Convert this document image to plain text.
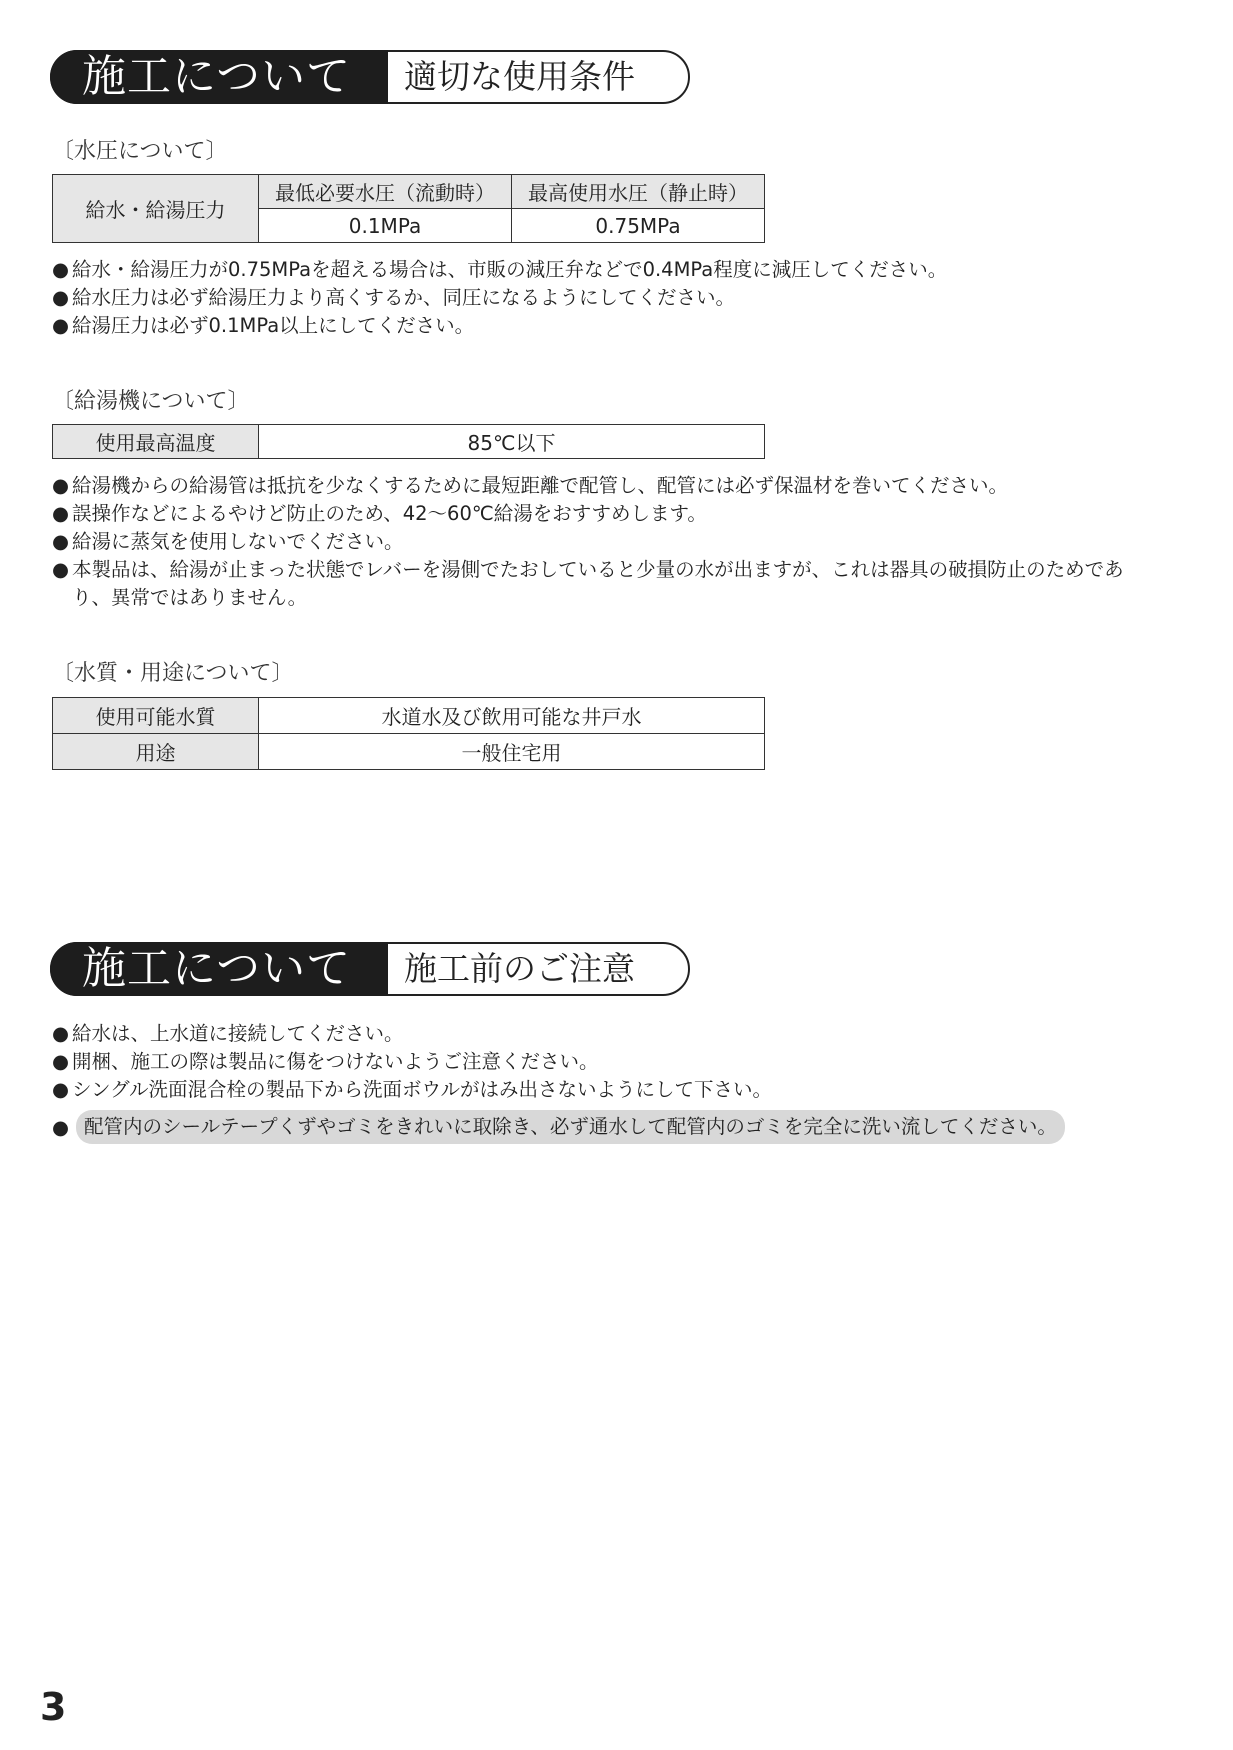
施工について	適切な使用条件
〔水圧について〕
給水・給湯圧力	最低必要水圧（流動時）	最高使用水圧（静止時）
	0.1MPa	0.75MPa
● 給水・給湯圧力が0.75MPaを超える場合は、市販の減圧弁などで0.4MPa程度に減圧してください。
● 給水圧力は必ず給湯圧力より高くするか、同圧になるようにしてください。
● 給湯圧力は必ず0.1MPa以上にしてください。
〔給湯機について〕
使用最高温度	85℃以下
● 給湯機からの給湯管は抵抗を少なくするために最短距離で配管し、配管には必ず保温材を巻いてください。
● 誤操作などによるやけど防止のため、42〜60℃給湯をおすすめします。
● 給湯に蒸気を使用しないでください。
● 本製品は、給湯が止まった状態でレバーを湯側でたおしていると少量の水が出ますが、これは器具の破損防止のためであり、異常ではありません。
〔水質・用途について〕
使用可能水質	水道水及び飲用可能な井戸水
用途	一般住宅用
施工について	施工前のご注意
● 給水は、上水道に接続してください。
● 開梱、施工の際は製品に傷をつけないようご注意ください。
● シングル洗面混合栓の製品下から洗面ボウルがはみ出さないようにして下さい。
● 配管内のシールテープくずやゴミをきれいに取除き、必ず通水して配管内のゴミを完全に洗い流してください。
3
